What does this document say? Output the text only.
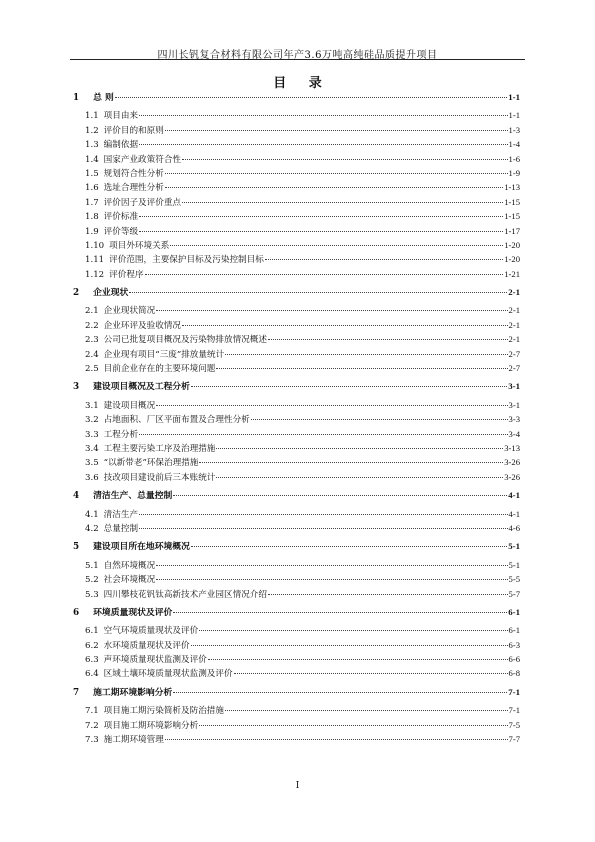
四川长钒复合材料有限公司年产3.6万吨高纯硅品质提升项目
目 录
1 总 则	1-1
1.1 项目由来	1-1
1.2 评价目的和原则	1-3
1.3 编制依据	1-4
1.4 国家产业政策符合性	1-6
1.5 规划符合性分析	1-9
1.6 选址合理性分析	1-13
1.7 评价因子及评价重点	1-15
1.8 评价标准	1-15
1.9 评价等级	1-17
1.10 项目外环境关系	1-20
1.11 评价范围，主要保护目标及污染控制目标	1-20
1.12 评价程序	1-21
2 企业现状	2-1
2.1 企业现状简况	2-1
2.2 企业环评及验收情况	2-1
2.3 公司已批复项目概况及污染物排放情况概述	2-1
2.4 企业现有项目“三废”排放量统计	2-7
2.5 目前企业存在的主要环境问题	2-7
3 建设项目概况及工程分析	3-1
3.1 建设项目概况	3-1
3.2 占地面积、厂区平面布置及合理性分析	3-3
3.3 工程分析	3-4
3.4 工程主要污染工序及治理措施	3-13
3.5 “以新带老”环保治理措施	3-26
3.6 技改项目建设前后三本账统计	3-26
4 清洁生产、总量控制	4-1
4.1 清洁生产	4-1
4.2 总量控制	4-6
5 建设项目所在地环境概况	5-1
5.1 自然环境概况	5-1
5.2 社会环境概况	5-5
5.3 四川攀枝花钒钛高新技术产业园区情况介绍	5-7
6 环境质量现状及评价	6-1
6.1 空气环境质量现状及评价	6-1
6.2 水环境质量现状及评价	6-3
6.3 声环境质量现状监测及评价	6-6
6.4 区域土壤环境质量现状监测及评价	6-8
7 施工期环境影响分析	7-1
7.1 项目施工期污染简析及防治措施	7-1
7.2 项目施工期环境影响分析	7-5
7.3 施工期环境管理	7-7
I
